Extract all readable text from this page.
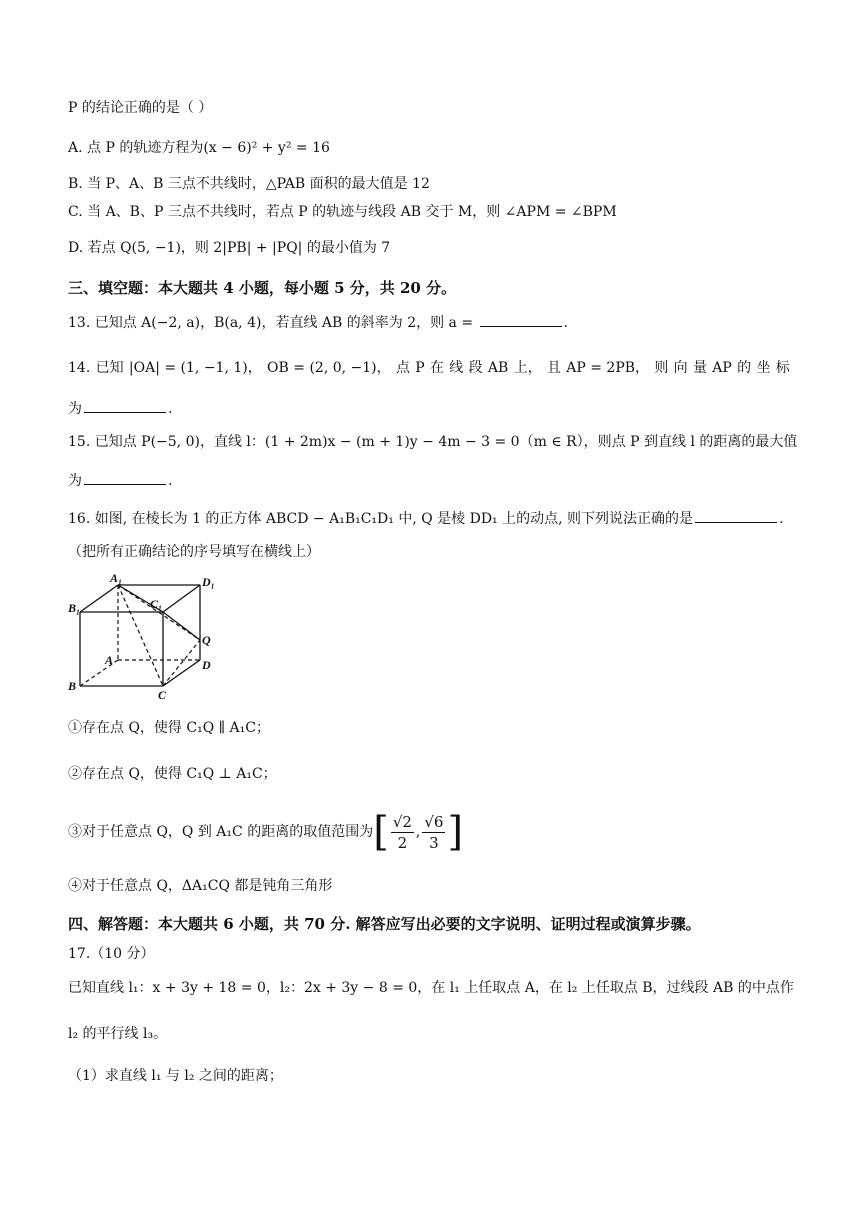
P 的结论正确的是（ ）
A. 点 P 的轨迹方程为(x − 6)² + y² = 16
B. 当 P、A、B 三点不共线时，△PAB 面积的最大值是 12
C. 当 A、B、P 三点不共线时，若点 P 的轨迹与线段 AB 交于 M，则 ∠APM = ∠BPM
D. 若点 Q(5, −1)，则 2|PB| + |PQ| 的最小值为 7
三、填空题：本大题共 4 小题，每小题 5 分，共 20 分。
13. 已知点 A(−2, a)，B(a, 4)，若直线 AB 的斜率为 2，则 a =	.
14. 已知 |OA| = (1, −1, 1)， OB = (2, 0, −1)， 点 P 在 线 段 AB 上， 且 AP = 2PB， 则 向 量 AP 的 坐 标
为	.
15. 已知点 P(−5, 0)，直线 l：(1 + 2m)x − (m + 1)y − 4m − 3 = 0（m ∈ R），则点 P 到直线 l 的距离的最大值
为	.
16. 如图, 在棱长为 1 的正方体 ABCD − A₁B₁C₁D₁ 中, Q 是棱 DD₁ 上的动点, 则下列说法正确的是	.
（把所有正确结论的序号填写在横线上）
A₁
B₁	C₁
D₁
A
B
C
D
Q
①存在点 Q，使得 C₁Q ∥ A₁C；
②存在点 Q，使得 C₁Q ⊥ A₁C；
③对于任意点 Q，Q 到 A₁C 的距离的取值范围为 [ $\frac{√2}{2}$ , $\frac{√6}{3}$ ]
④对于任意点 Q，ΔA₁CQ 都是钝角三角形
四、解答题：本大题共 6 小题，共 70 分. 解答应写出必要的文字说明、证明过程或演算步骤。
17.（10 分）
已知直线 l₁：x + 3y + 18 = 0，l₂：2x + 3y − 8 = 0，在 l₁ 上任取点 A，在 l₂ 上任取点 B，过线段 AB 的中点作
l₂ 的平行线 l₃。
（1）求直线 l₁ 与 l₂ 之间的距离；
